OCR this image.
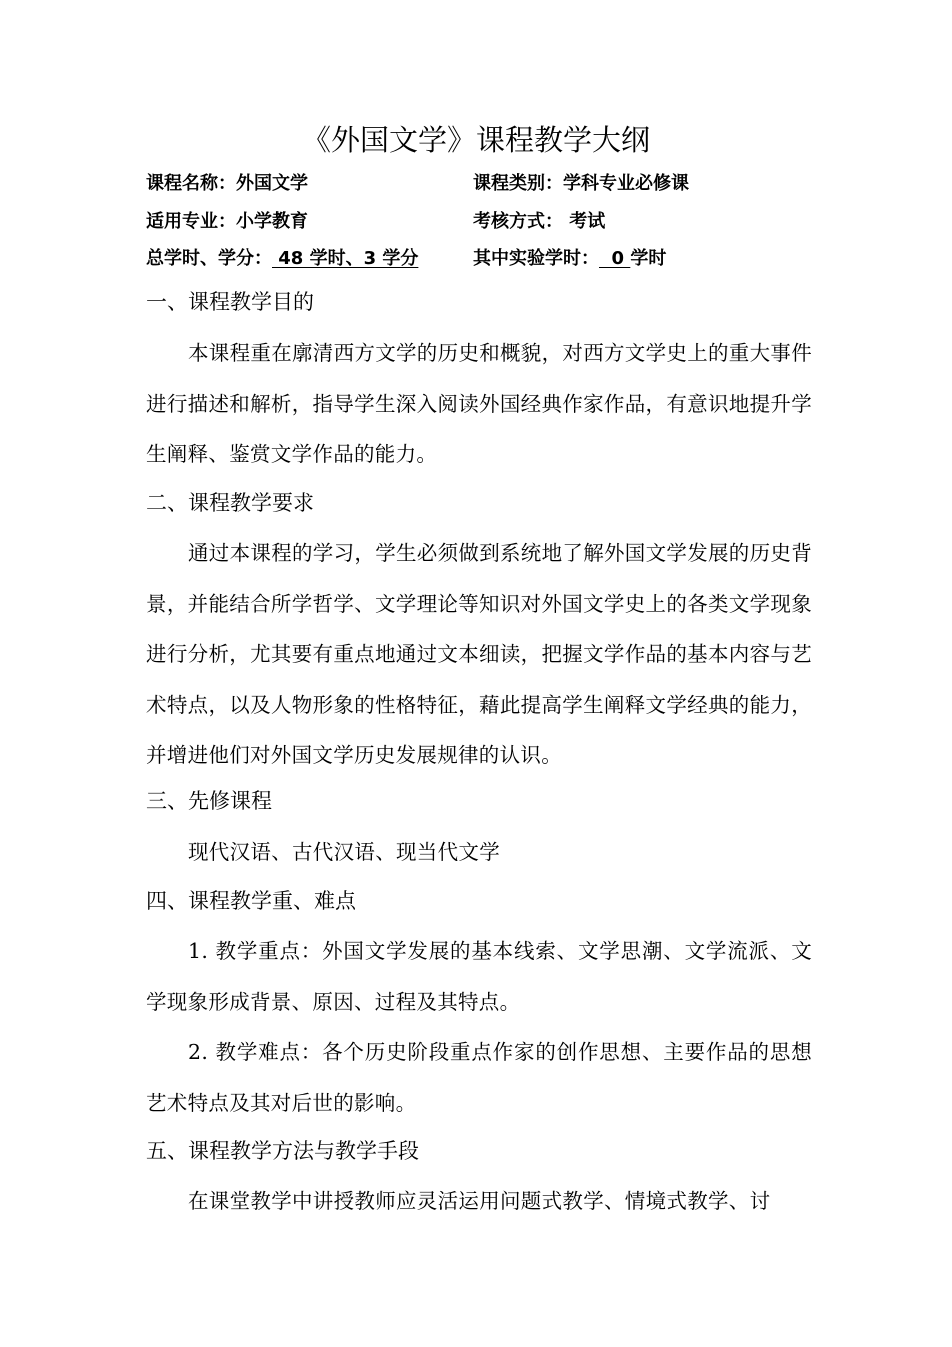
《外国文学》课程教学大纲
课程名称：外国文学	课程类别：学科专业必修课
适用专业：小学教育	考核方式： 考试
总学时、学分： 48 学时、3 学分	其中实验学时：  0 学时
一、课程教学目的
本课程重在廓清西方文学的历史和概貌，对西方文学史上的重大事件进行描述和解析，指导学生深入阅读外国经典作家作品，有意识地提升学生阐释、鉴赏文学作品的能力。
二、课程教学要求
通过本课程的学习，学生必须做到系统地了解外国文学发展的历史背景，并能结合所学哲学、文学理论等知识对外国文学史上的各类文学现象进行分析，尤其要有重点地通过文本细读，把握文学作品的基本内容与艺术特点，以及人物形象的性格特征，藉此提高学生阐释文学经典的能力，并增进他们对外国文学历史发展规律的认识。
三、先修课程
现代汉语、古代汉语、现当代文学
四、课程教学重、难点
1. 教学重点：外国文学发展的基本线索、文学思潮、文学流派、文学现象形成背景、原因、过程及其特点。
2. 教学难点：各个历史阶段重点作家的创作思想、主要作品的思想艺术特点及其对后世的影响。
五、课程教学方法与教学手段
在课堂教学中讲授教师应灵活运用问题式教学、情境式教学、讨
